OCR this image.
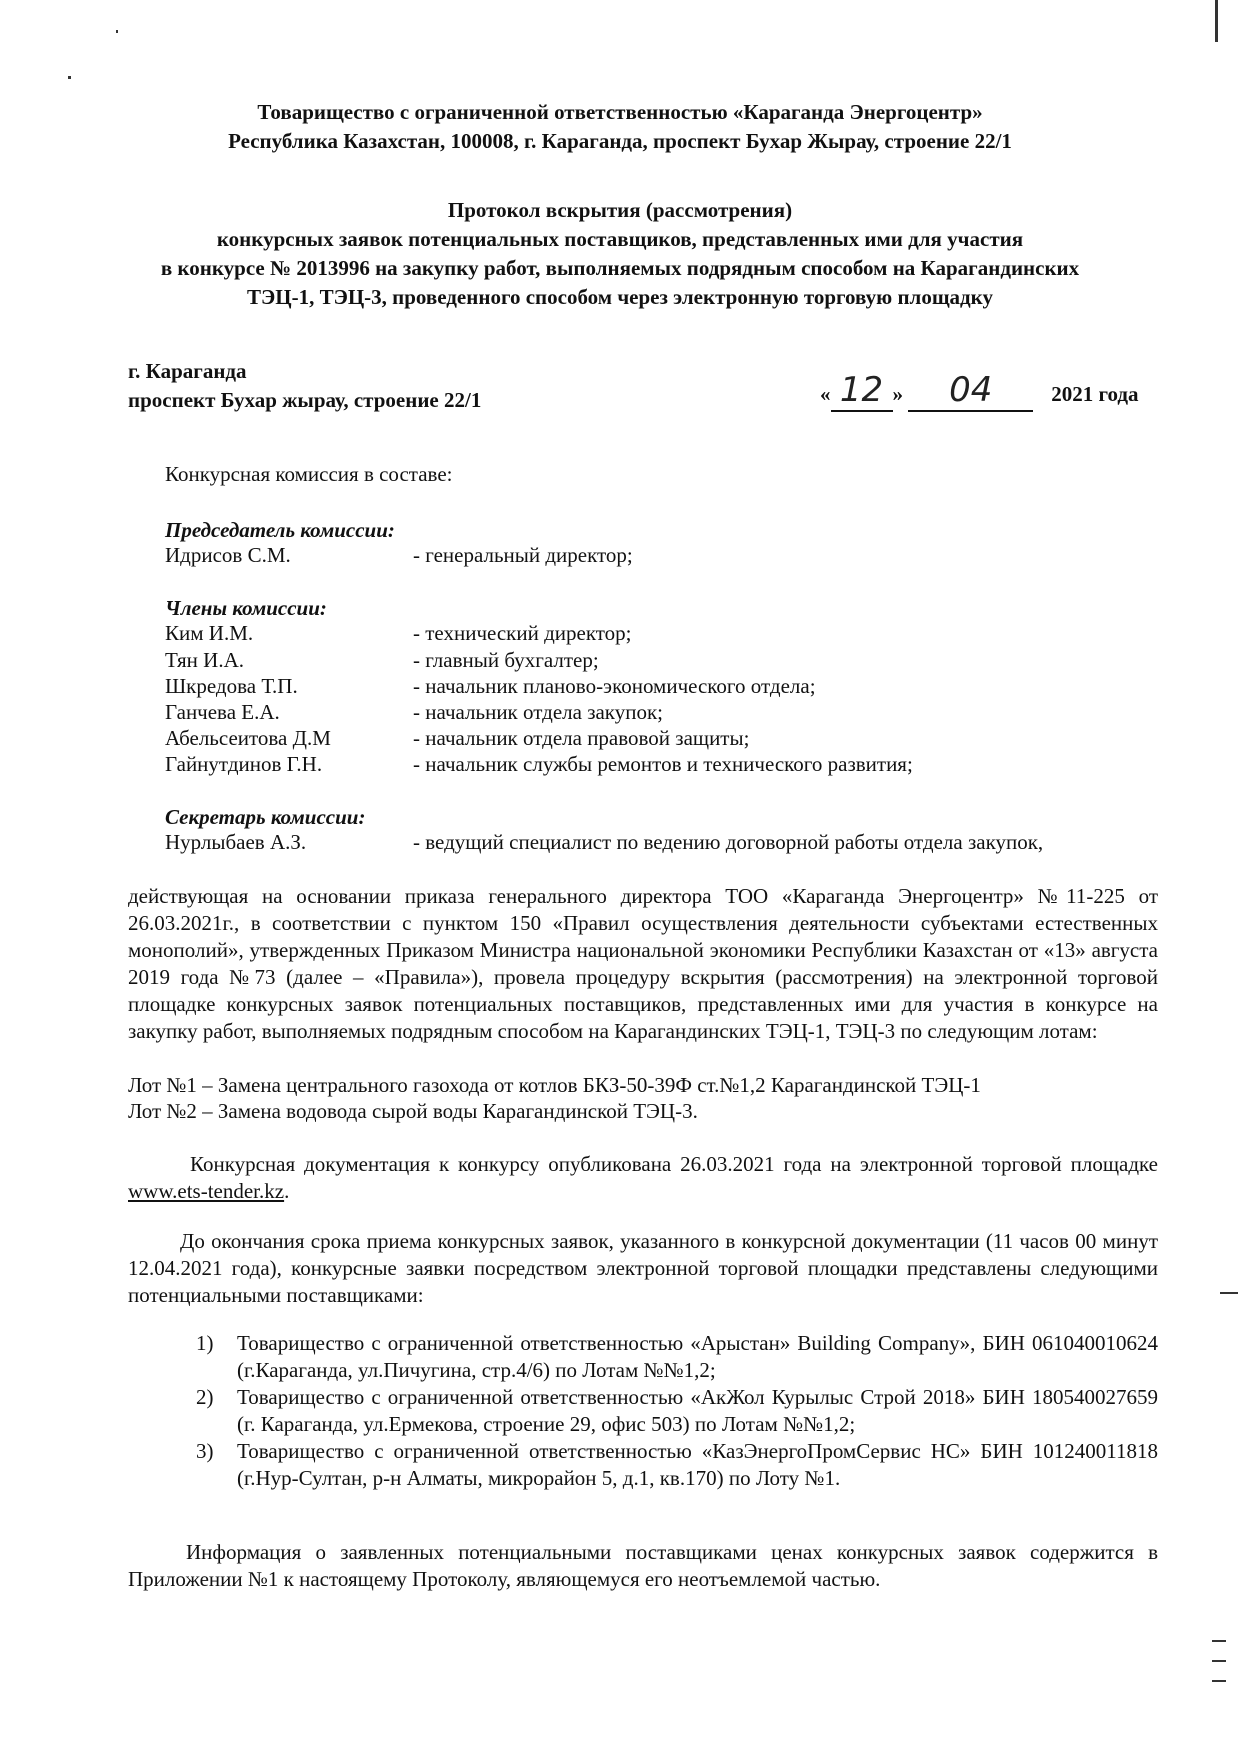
Товарищество с ограниченной ответственностью «Караганда Энергоцентр»
Республика Казахстан, 100008, г. Караганда, проспект Бухар Жырау, строение 22/1
Протокол вскрытия (рассмотрения)
конкурсных заявок потенциальных поставщиков, представленных ими для участия
в конкурсе № 2013996 на закупку работ, выполняемых подрядным способом на Карагандинских
ТЭЦ-1, ТЭЦ-3, проведенного способом через электронную торговую площадку
г. Караганда
проспект Бухар жырау, строение 22/1	« 12 » 04	2021 года
Конкурсная комиссия в составе:
Председатель комиссии:
Идрисов С.М.	- генеральный директор;
Члены комиссии:
Ким И.М.	- технический директор;
Тян И.А.	- главный бухгалтер;
Шкредова Т.П.	- начальник планово-экономического отдела;
Ганчева Е.А.	- начальник отдела закупок;
Абельсеитова Д.М	- начальник отдела правовой защиты;
Гайнутдинов Г.Н.	- начальник службы ремонтов и технического развития;
Секретарь комиссии:
Нурлыбаев А.З.	- ведущий специалист по ведению договорной работы отдела закупок,
действующая на основании приказа генерального директора ТОО «Караганда Энергоцентр» №11-225 от 26.03.2021г., в соответствии с пунктом 150 «Правил осуществления деятельности субъектами естественных монополий», утвержденных Приказом Министра национальной экономики Республики Казахстан от «13» августа 2019 года №73 (далее – «Правила»), провела процедуру вскрытия (рассмотрения) на электронной торговой площадке конкурсных заявок потенциальных поставщиков, представленных ими для участия в конкурсе на закупку работ, выполняемых подрядным способом на Карагандинских ТЭЦ-1, ТЭЦ-3 по следующим лотам:
Лот №1 – Замена центрального газохода от котлов БКЗ-50-39Ф ст.№1,2 Карагандинской ТЭЦ-1
Лот №2 – Замена водовода сырой воды Карагандинской ТЭЦ-3.
Конкурсная документация к конкурсу опубликована 26.03.2021 года на электронной торговой площадке www.ets-tender.kz.
До окончания срока приема конкурсных заявок, указанного в конкурсной документации (11 часов 00 минут 12.04.2021 года), конкурсные заявки посредством электронной торговой площадки представлены следующими потенциальными поставщиками:
1) Товарищество с ограниченной ответственностью «Арыстан» Building Company», БИН 061040010624 (г.Караганда, ул.Пичугина, стр.4/6) по Лотам №№1,2;
2) Товарищество с ограниченной ответственностью «АкЖол Курылыс Строй 2018» БИН 180540027659 (г. Караганда, ул.Ермекова, строение 29, офис 503) по Лотам №№1,2;
3) Товарищество с ограниченной ответственностью «КазЭнергоПромСервис НС» БИН 101240011818 (г.Нур-Султан, р-н Алматы, микрорайон 5, д.1, кв.170) по Лоту №1.
Информация о заявленных потенциальными поставщиками ценах конкурсных заявок содержится в Приложении №1 к настоящему Протоколу, являющемуся его неотъемлемой частью.
